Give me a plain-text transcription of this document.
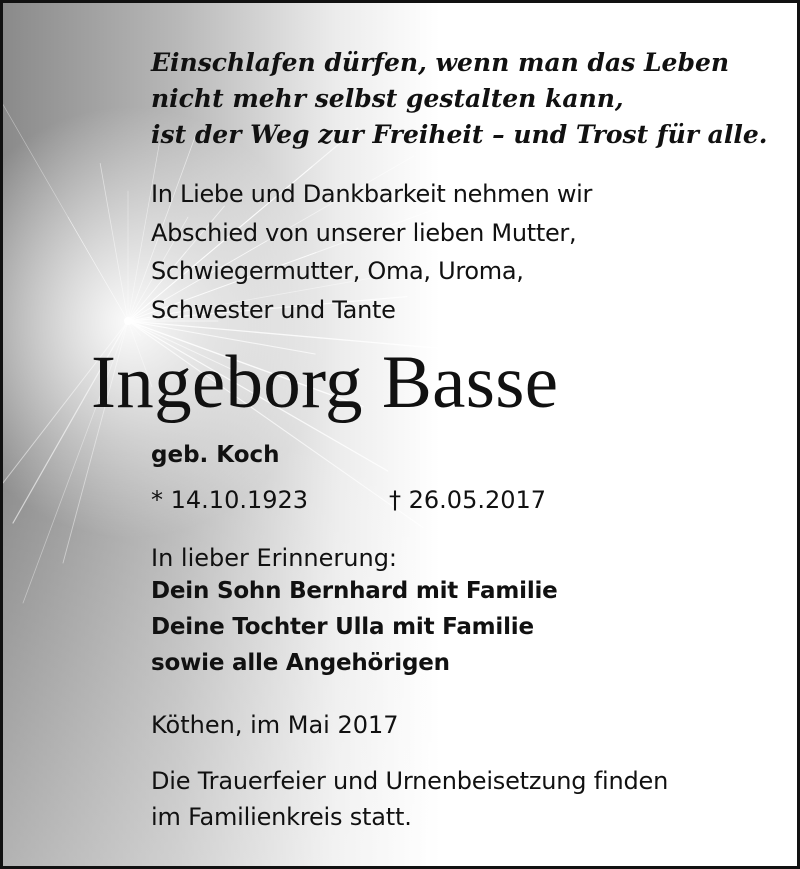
Einschlafen dürfen, wenn man das Leben
nicht mehr selbst gestalten kann,
ist der Weg zur Freiheit – und Trost für alle.
In Liebe und Dankbarkeit nehmen wir
Abschied von unserer lieben Mutter,
Schwiegermutter, Oma, Uroma,
Schwester und Tante
Ingeborg Basse
geb. Koch
* 14.10.1923	† 26.05.2017
In lieber Erinnerung:
Dein Sohn Bernhard mit Familie
Deine Tochter Ulla mit Familie
sowie alle Angehörigen
Köthen, im Mai 2017
Die Trauerfeier und Urnenbeisetzung finden
im Familienkreis statt.
